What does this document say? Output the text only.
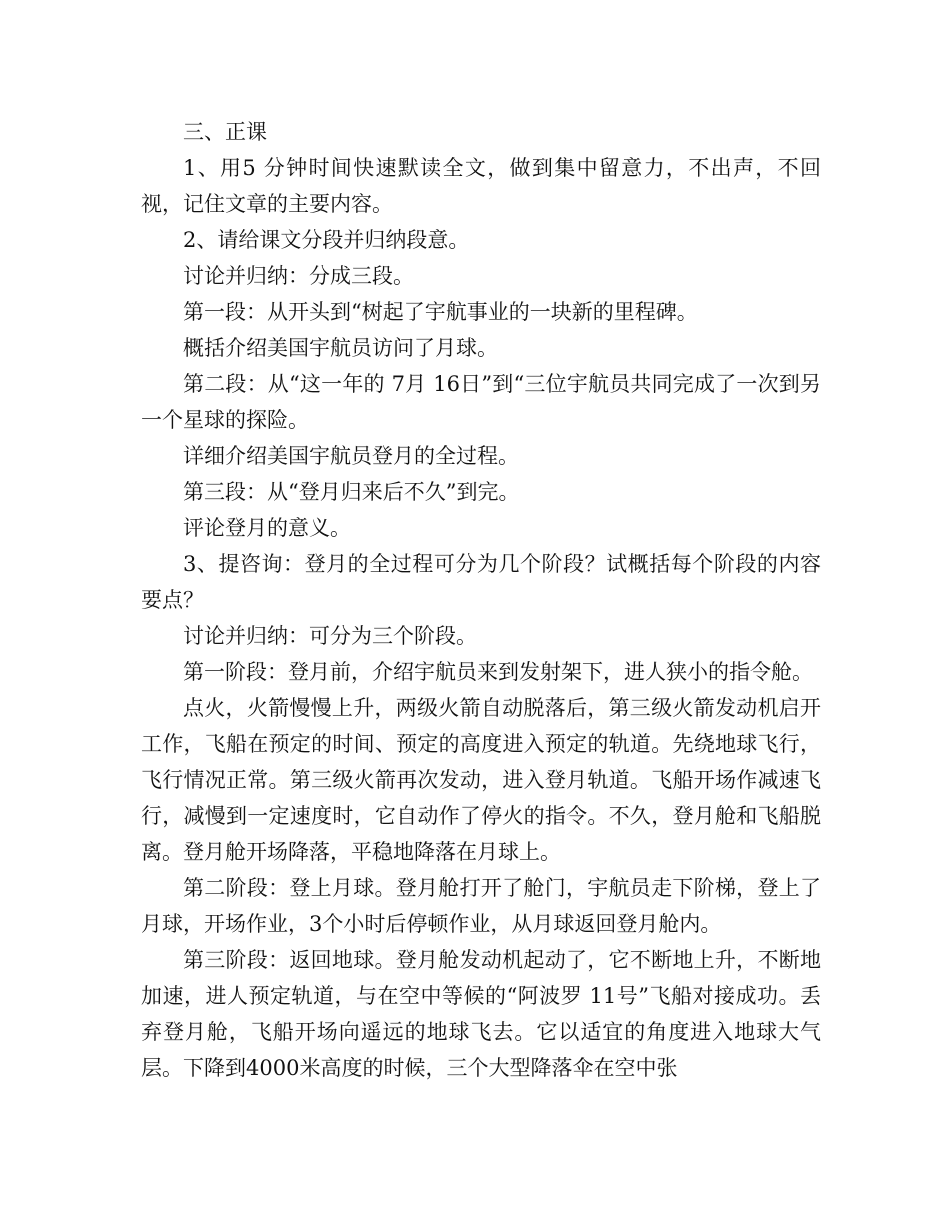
三、正课

1、用5 分钟时间快速默读全文，做到集中留意力，不出声，不回视，记住文章的主要内容。

2、请给课文分段并归纳段意。

讨论并归纳：分成三段。

第一段：从开头到“树起了宇航事业的一块新的里程碑。

概括介绍美国宇航员访问了月球。

第二段：从“这一年的 7月 16日”到“三位宇航员共同完成了一次到另一个星球的探险。

详细介绍美国宇航员登月的全过程。

第三段：从“登月归来后不久”到完。

评论登月的意义。

3、提咨询：登月的全过程可分为几个阶段？试概括每个阶段的内容要点？

讨论并归纳：可分为三个阶段。

第一阶段：登月前，介绍宇航员来到发射架下，进人狭小的指令舱。

点火，火箭慢慢上升，两级火箭自动脱落后，第三级火箭发动机启开工作，飞船在预定的时间、预定的高度进入预定的轨道。先绕地球飞行，飞行情况正常。第三级火箭再次发动，进入登月轨道。飞船开场作减速飞行，减慢到一定速度时，它自动作了停火的指令。不久，登月舱和飞船脱离。登月舱开场降落，平稳地降落在月球上。

第二阶段：登上月球。登月舱打开了舱门，宇航员走下阶梯，登上了月球，开场作业，3个小时后停顿作业，从月球返回登月舱内。

第三阶段：返回地球。登月舱发动机起动了，它不断地上升，不断地加速，进人预定轨道，与在空中等候的“阿波罗 11号”飞船对接成功。丢弃登月舱，飞船开场向遥远的地球飞去。它以适宜的角度进入地球大气层。下降到4000米高度的时候，三个大型降落伞在空中张
